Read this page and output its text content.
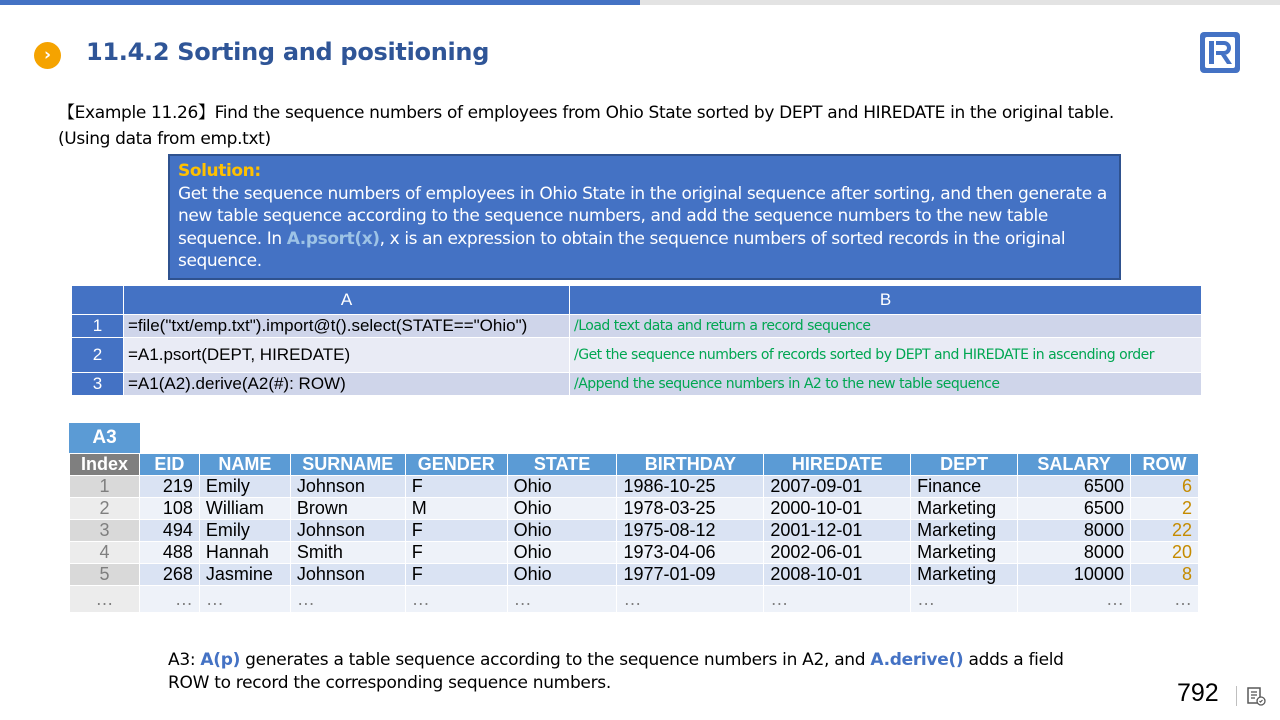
›	11.4.2 Sorting and positioning
【Example 11.26】Find the sequence numbers of employees from Ohio State sorted by DEPT and HIREDATE in the original table.
(Using data from emp.txt)
Solution:
Get the sequence numbers of employees in Ohio State in the original sequence after sorting, and then generate a new table sequence according to the sequence numbers, and add the sequence numbers to the new table sequence. In A.psort(x), x is an expression to obtain the sequence numbers of sorted records in the original sequence.
	A	B
1	=file("txt/emp.txt").import@t().select(STATE=="Ohio")	/Load text data and return a record sequence
2	=A1.psort(DEPT, HIREDATE)	/Get the sequence numbers of records sorted by DEPT and HIREDATE in ascending order
3	=A1(A2).derive(A2(#): ROW)	/Append the sequence numbers in A2 to the new table sequence
A3
Index	EID	NAME	SURNAME	GENDER	STATE	BIRTHDAY	HIREDATE	DEPT	SALARY	ROW
1	219	Emily	Johnson	F	Ohio	1986-10-25	2007-09-01	Finance	6500	6
2	108	William	Brown	M	Ohio	1978-03-25	2000-10-01	Marketing	6500	2
3	494	Emily	Johnson	F	Ohio	1975-08-12	2001-12-01	Marketing	8000	22
4	488	Hannah	Smith	F	Ohio	1973-04-06	2002-06-01	Marketing	8000	20
5	268	Jasmine	Johnson	F	Ohio	1977-01-09	2008-10-01	Marketing	10000	8
…	…	…	…	…	…	…	…	…	…	…
A3: A(p) generates a table sequence according to the sequence numbers in A2, and A.derive() adds a field ROW to record the corresponding sequence numbers.	792
